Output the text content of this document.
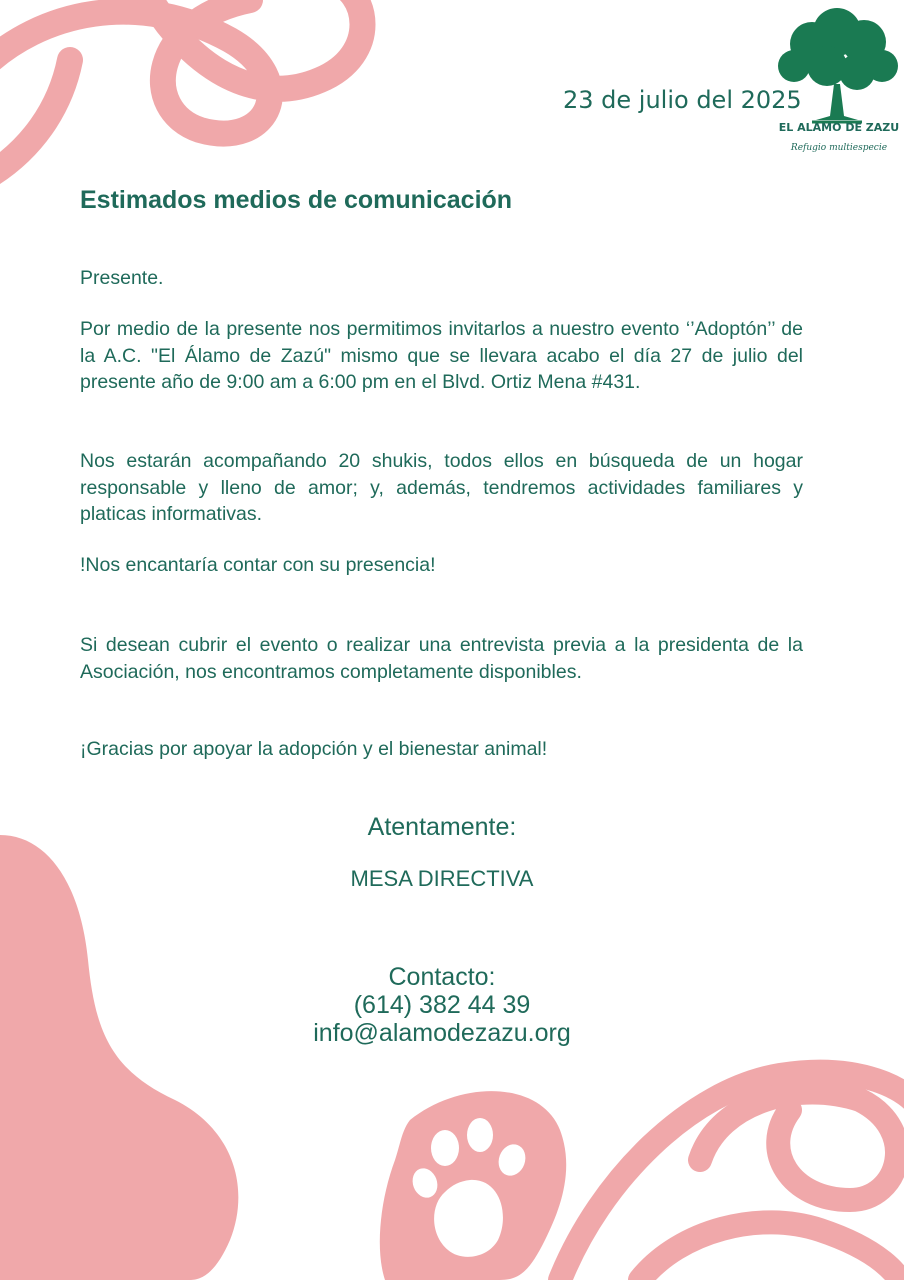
EL ALAMO DE ZAZU
Refugio multiespecie
23 de julio del 2025
Estimados medios de comunicación
Presente.
Por medio de la presente nos permitimos invitarlos a nuestro evento ‘’Adoptón’’ de la A.C. "El Álamo de Zazú" mismo que se llevara acabo el día 27 de julio del presente año de 9:00 am a 6:00 pm en el Blvd. Ortiz Mena #431.
Nos estarán acompañando 20 shukis, todos ellos en búsqueda de un hogar responsable y lleno de amor; y, además, tendremos actividades familiares y platicas informativas.
!Nos encantaría contar con su presencia!
Si desean cubrir el evento o realizar una entrevista previa a la presidenta de la Asociación, nos encontramos completamente disponibles.
¡Gracias por apoyar la adopción y el bienestar animal!
Atentamente:
MESA DIRECTIVA
Contacto:
(614) 382 44 39
info@alamodezazu.org
